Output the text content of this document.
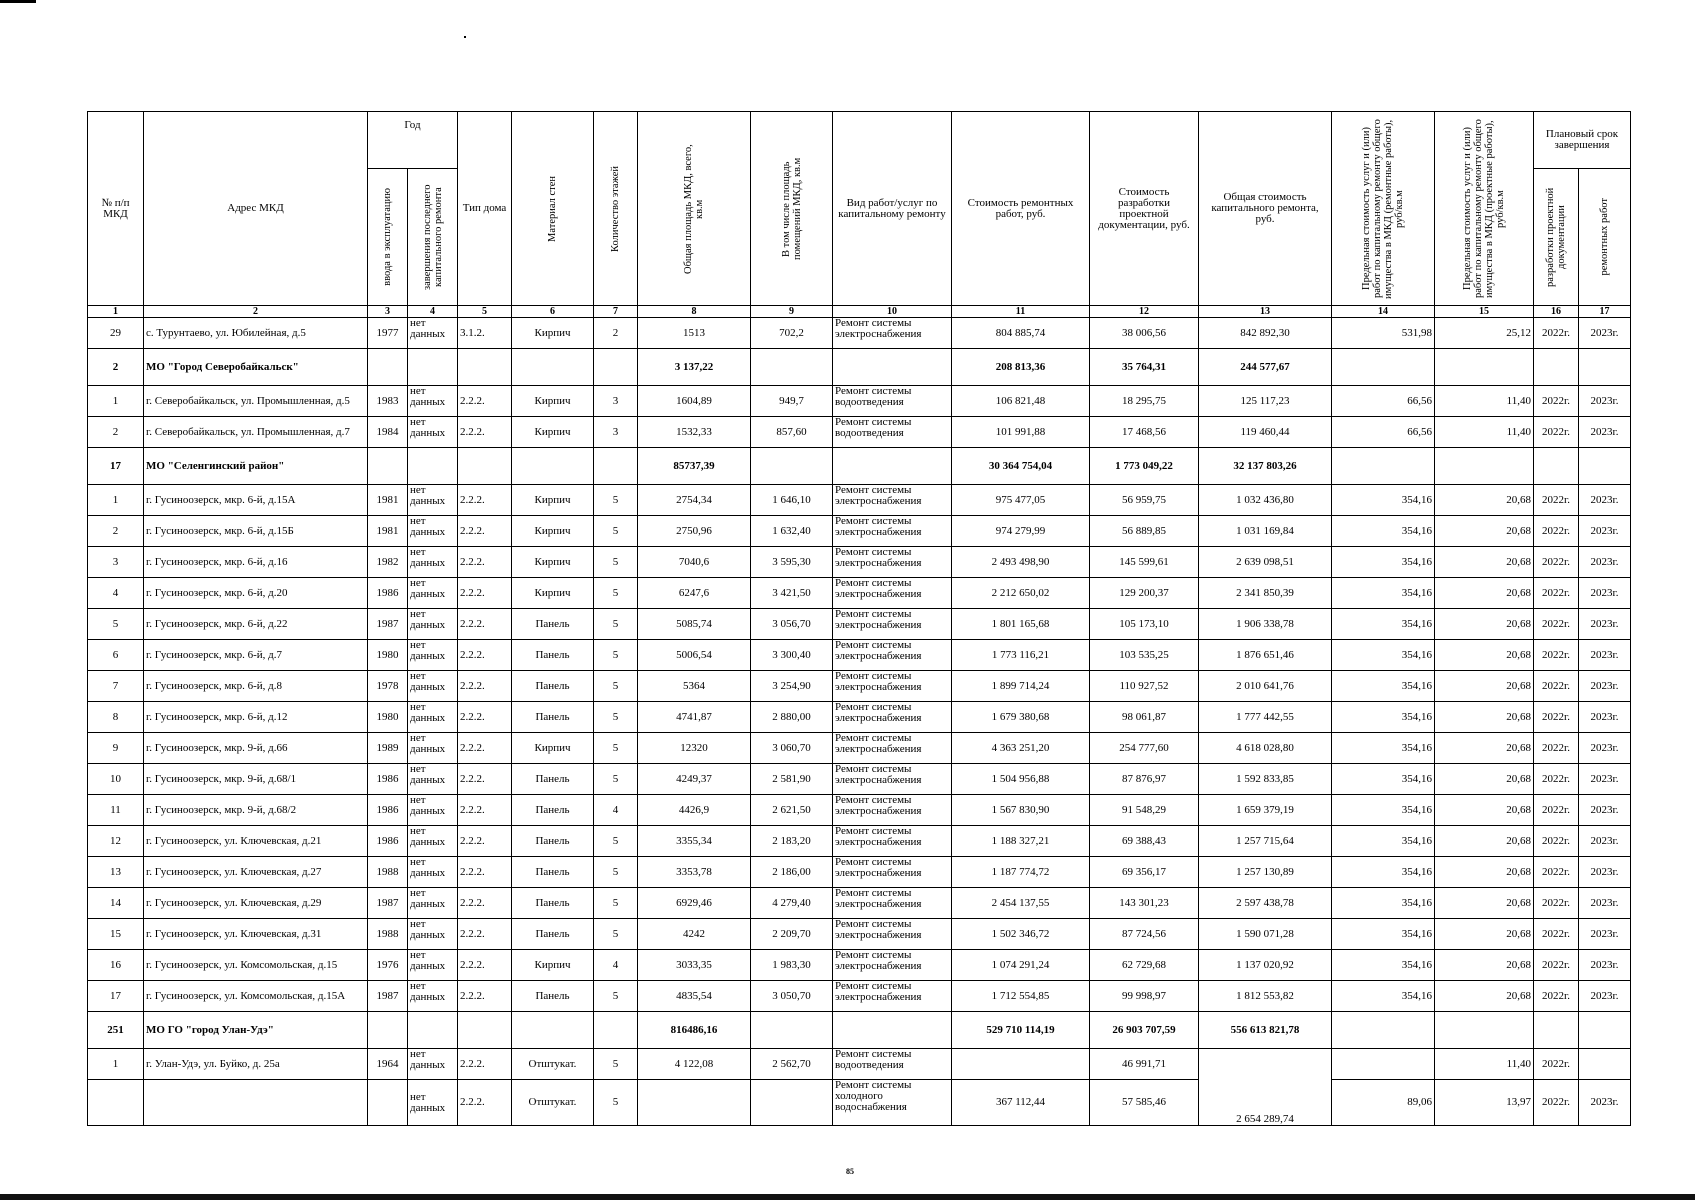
№ п/п МКД	Адрес МКД	Год		Тип дома	Материал стен	Количество этажей	Общая площадь МКД, всего, кв.м	В том числе площадь помещений МКД, кв.м	Вид работ/услуг по капитальному ремонту	Стоимость ремонтных работ, руб.	Стоимость разработки проектной документации, руб.	Общая стоимость капитального ремонта, руб.	Предельная стоимость услуг и (или) работ по капитальному ремонту общего имущества в МКД (ремонтные работы), руб/кв.м	Предельная стоимость услуг и (или) работ по капитальному ремонту общего имущества в МКД (проектные работы), руб/кв.м	Плановый срок завершения	

		ввода в эксплуатацию	завершения последнего капитального ремонта												разработки проектной документации	ремонтных работ

1	2	3	4	5	6	7	8	9	10	11	12	13	14	15	16	17
29	с. Турунтаево, ул. Юбилейная, д.5	1977	нет данных	3.1.2.	Кирпич	2	1513	702,2	Ремонт системы электроснабжения	804 885,74	38 006,56	842 892,30	531,98	25,12	2022г.	2023г.
2	МО "Город Северобайкальск"						3 137,22			208 813,36	35 764,31	244 577,67				
1	г. Северобайкальск, ул. Промышленная, д.5	1983	нет данных	2.2.2.	Кирпич	3	1604,89	949,7	Ремонт системы водоотведения	106 821,48	18 295,75	125 117,23	66,56	11,40	2022г.	2023г.
2	г. Северобайкальск, ул. Промышленная, д.7	1984	нет данных	2.2.2.	Кирпич	3	1532,33	857,60	Ремонт системы водоотведения	101 991,88	17 468,56	119 460,44	66,56	11,40	2022г.	2023г.
17	МО "Селенгинский район"						85737,39			30 364 754,04	1 773 049,22	32 137 803,26				
1	г. Гусиноозерск, мкр. 6-й, д.15А	1981	нет данных	2.2.2.	Кирпич	5	2754,34	1 646,10	Ремонт системы электроснабжения	975 477,05	56 959,75	1 032 436,80	354,16	20,68	2022г.	2023г.
2	г. Гусиноозерск, мкр. 6-й, д.15Б	1981	нет данных	2.2.2.	Кирпич	5	2750,96	1 632,40	Ремонт системы электроснабжения	974 279,99	56 889,85	1 031 169,84	354,16	20,68	2022г.	2023г.
3	г. Гусиноозерск, мкр. 6-й, д.16	1982	нет данных	2.2.2.	Кирпич	5	7040,6	3 595,30	Ремонт системы электроснабжения	2 493 498,90	145 599,61	2 639 098,51	354,16	20,68	2022г.	2023г.
4	г. Гусиноозерск, мкр. 6-й, д.20	1986	нет данных	2.2.2.	Кирпич	5	6247,6	3 421,50	Ремонт системы электроснабжения	2 212 650,02	129 200,37	2 341 850,39	354,16	20,68	2022г.	2023г.
5	г. Гусиноозерск, мкр. 6-й, д.22	1987	нет данных	2.2.2.	Панель	5	5085,74	3 056,70	Ремонт системы электроснабжения	1 801 165,68	105 173,10	1 906 338,78	354,16	20,68	2022г.	2023г.
6	г. Гусиноозерск, мкр. 6-й, д.7	1980	нет данных	2.2.2.	Панель	5	5006,54	3 300,40	Ремонт системы электроснабжения	1 773 116,21	103 535,25	1 876 651,46	354,16	20,68	2022г.	2023г.
7	г. Гусиноозерск, мкр. 6-й, д.8	1978	нет данных	2.2.2.	Панель	5	5364	3 254,90	Ремонт системы электроснабжения	1 899 714,24	110 927,52	2 010 641,76	354,16	20,68	2022г.	2023г.
8	г. Гусиноозерск, мкр. 6-й, д.12	1980	нет данных	2.2.2.	Панель	5	4741,87	2 880,00	Ремонт системы электроснабжения	1 679 380,68	98 061,87	1 777 442,55	354,16	20,68	2022г.	2023г.
9	г. Гусиноозерск, мкр. 9-й, д.66	1989	нет данных	2.2.2.	Кирпич	5	12320	3 060,70	Ремонт системы электроснабжения	4 363 251,20	254 777,60	4 618 028,80	354,16	20,68	2022г.	2023г.
10	г. Гусиноозерск, мкр. 9-й, д.68/1	1986	нет данных	2.2.2.	Панель	5	4249,37	2 581,90	Ремонт системы электроснабжения	1 504 956,88	87 876,97	1 592 833,85	354,16	20,68	2022г.	2023г.
11	г. Гусиноозерск, мкр. 9-й, д.68/2	1986	нет данных	2.2.2.	Панель	4	4426,9	2 621,50	Ремонт системы электроснабжения	1 567 830,90	91 548,29	1 659 379,19	354,16	20,68	2022г.	2023г.
12	г. Гусиноозерск, ул. Ключевская, д.21	1986	нет данных	2.2.2.	Панель	5	3355,34	2 183,20	Ремонт системы электроснабжения	1 188 327,21	69 388,43	1 257 715,64	354,16	20,68	2022г.	2023г.
13	г. Гусиноозерск, ул. Ключевская, д.27	1988	нет данных	2.2.2.	Панель	5	3353,78	2 186,00	Ремонт системы электроснабжения	1 187 774,72	69 356,17	1 257 130,89	354,16	20,68	2022г.	2023г.
14	г. Гусиноозерск, ул. Ключевская, д.29	1987	нет данных	2.2.2.	Панель	5	6929,46	4 279,40	Ремонт системы электроснабжения	2 454 137,55	143 301,23	2 597 438,78	354,16	20,68	2022г.	2023г.
15	г. Гусиноозерск, ул. Ключевская, д.31	1988	нет данных	2.2.2.	Панель	5	4242	2 209,70	Ремонт системы электроснабжения	1 502 346,72	87 724,56	1 590 071,28	354,16	20,68	2022г.	2023г.
16	г. Гусиноозерск, ул. Комсомольская, д.15	1976	нет данных	2.2.2.	Кирпич	4	3033,35	1 983,30	Ремонт системы электроснабжения	1 074 291,24	62 729,68	1 137 020,92	354,16	20,68	2022г.	2023г.
17	г. Гусиноозерск, ул. Комсомольская, д.15А	1987	нет данных	2.2.2.	Панель	5	4835,54	3 050,70	Ремонт системы электроснабжения	1 712 554,85	99 998,97	1 812 553,82	354,16	20,68	2022г.	2023г.
251	МО ГО "город Улан-Удэ"						816486,16			529 710 114,19	26 903 707,59	556 613 821,78				
1	г. Улан-Удэ, ул. Буйко, д. 25а	1964	нет данных	2.2.2.	Отштукат.	5	4 122,08	2 562,70	Ремонт системы водоотведения		46 991,71	2 654 289,74		11,40	2022г.	
			нет данных	2.2.2.	Отштукат.	5			Ремонт системы холодного водоснабжения	367 112,44	57 585,46		89,06	13,97	2022г.	2023г.
85
